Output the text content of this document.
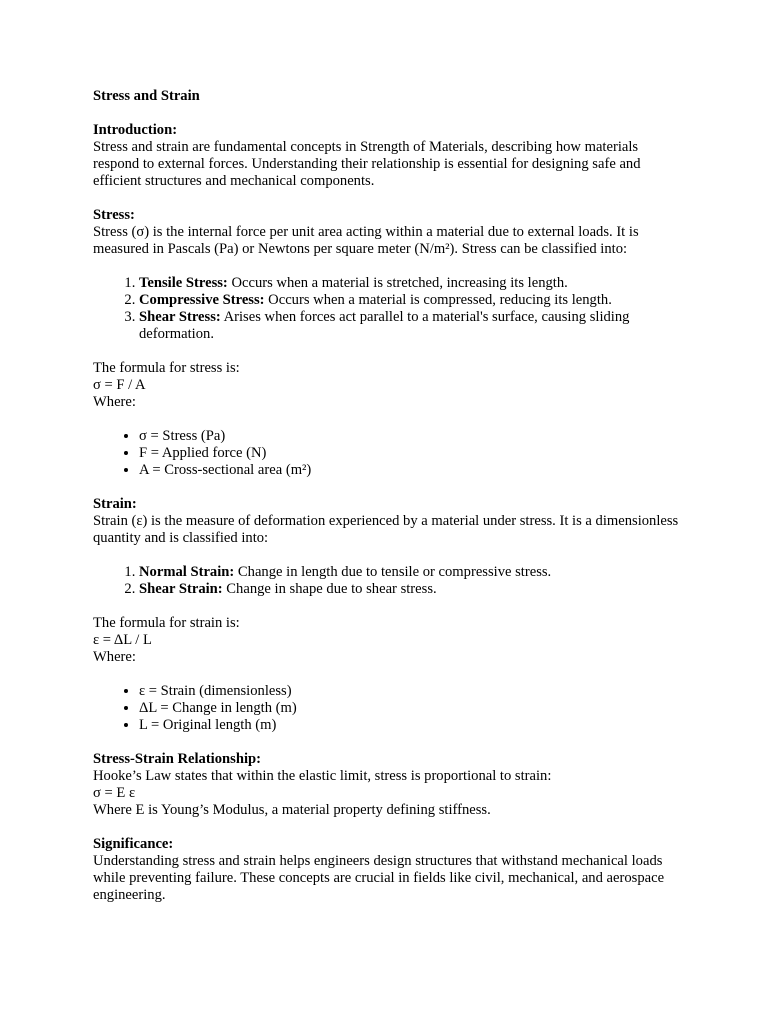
Stress and Strain
Introduction:

Stress and strain are fundamental concepts in Strength of Materials, describing how materials respond to external forces. Understanding their relationship is essential for designing safe and efficient structures and mechanical components.

Stress:

Stress (σ) is the internal force per unit area acting within a material due to external loads. It is measured in Pascals (Pa) or Newtons per square meter (N/m²). Stress can be classified into:

1. Tensile Stress: Occurs when a material is stretched, increasing its length.
2. Compressive Stress: Occurs when a material is compressed, reducing its length.
3. Shear Stress: Arises when forces act parallel to a material's surface, causing sliding deformation.
The formula for stress is:
σ = F / A
Where:
• σ = Stress (Pa)
• F = Applied force (N)
• A = Cross-sectional area (m²)
Strain:

Strain (ε) is the measure of deformation experienced by a material under stress. It is a dimensionless quantity and is classified into:

1. Normal Strain: Change in length due to tensile or compressive stress.
2. Shear Strain: Change in shape due to shear stress.
The formula for strain is:
ε = ΔL / L
Where:
• ε = Strain (dimensionless)
• ΔL = Change in length (m)
• L = Original length (m)
Stress-Strain Relationship:
Hooke’s Law states that within the elastic limit, stress is proportional to strain:
σ = E ε
Where E is Young’s Modulus, a material property defining stiffness.
Significance:

Understanding stress and strain helps engineers design structures that withstand mechanical loads while preventing failure. These concepts are crucial in fields like civil, mechanical, and aerospace engineering.
